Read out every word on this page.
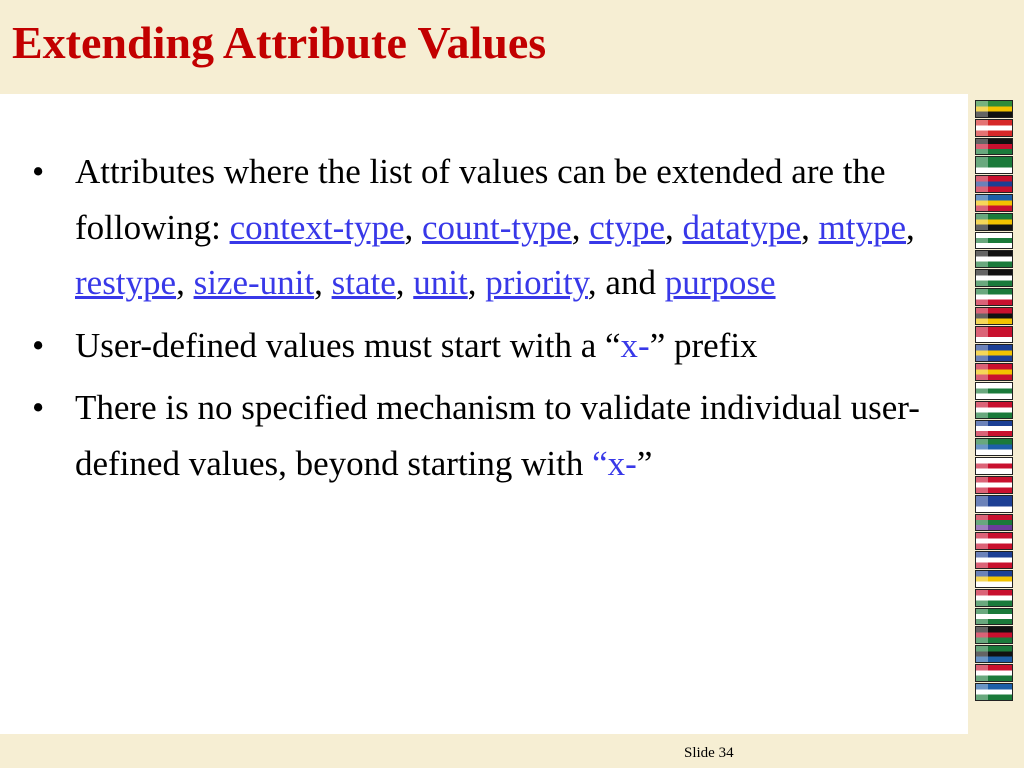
Extending Attribute Values
• Attributes where the list of values can be extended are the following: context-type, count-type, ctype, datatype, mtype, restype, size-unit, state, unit, priority, and purpose
• User-defined values must start with a “x-” prefix
• There is no specified mechanism to validate individual user-defined values, beyond starting with “x-”
Slide 34
